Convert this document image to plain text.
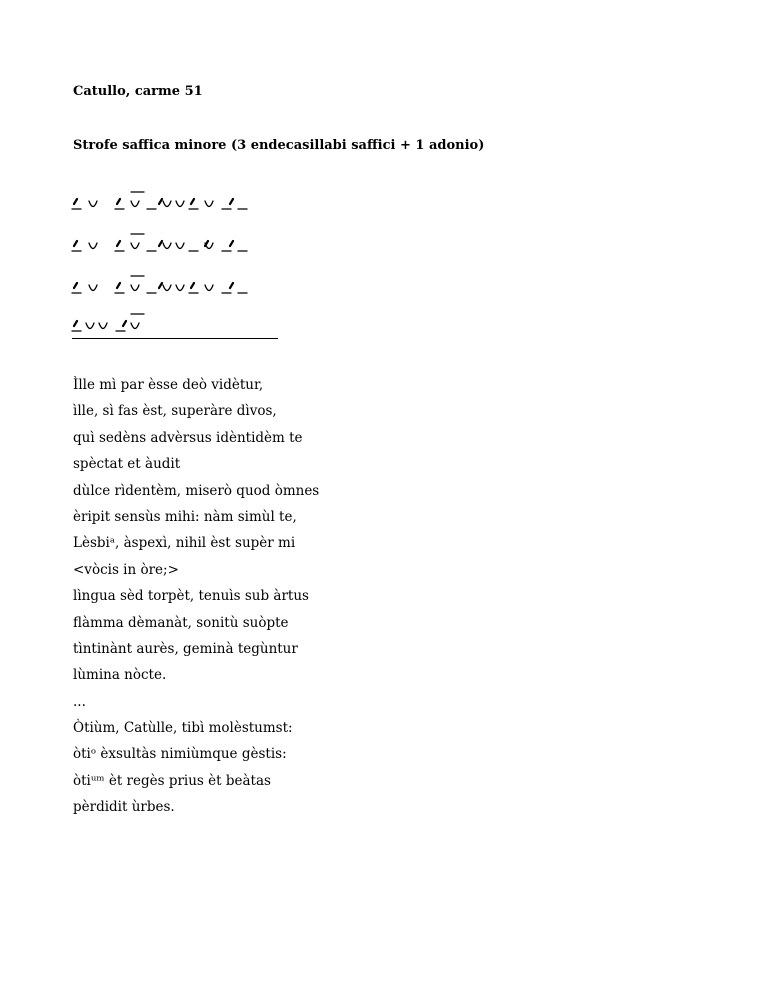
Catullo, carme 51
Strofe saffica minore (3 endecasillabi saffici + 1 adonio)
Ìlle mì par èsse deò vidètur,
ìlle, sì fas èst, superàre dìvos,
quì sedèns advèrsus idèntidèm te
spèctat et àudit
dùlce rìdentèm, miserò quod òmnes
èripit sensùs mihi: nàm simùl te,
Lèsbiᵃ, àspexì, nihil èst supèr mi
<vòcis in òre;>
lìngua sèd torpèt, tenuìs sub àrtus
flàmma dèmanàt, sonitù suòpte
tìntinànt aurès, geminà tegùntur
lùmina nòcte.
...
Òtiùm, Catùlle, tibì molèstumst:
òtiᵒ èxsultàs nimiùmque gèstis:
òtiᵘᵐ èt regès prius èt beàtas
pèrdidit ùrbes.
